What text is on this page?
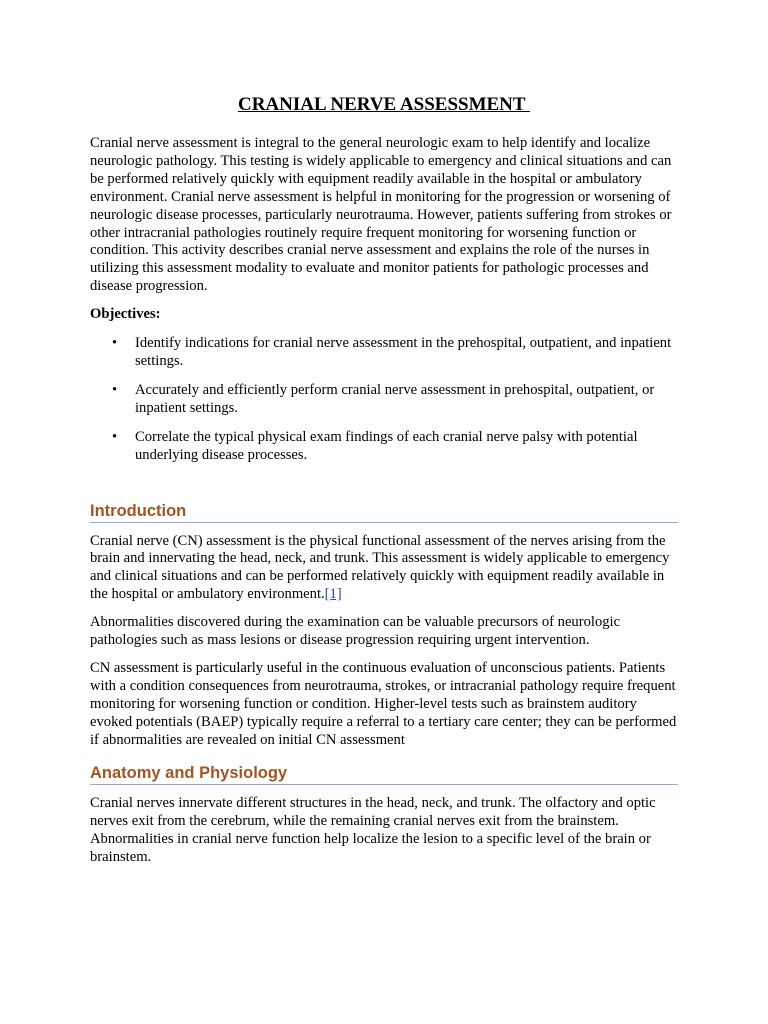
CRANIAL NERVE ASSESSMENT

Cranial nerve assessment is integral to the general neurologic exam to help identify and localize neurologic pathology. This testing is widely applicable to emergency and clinical situations and can be performed relatively quickly with equipment readily available in the hospital or ambulatory environment. Cranial nerve assessment is helpful in monitoring for the progression or worsening of neurologic disease processes, particularly neurotrauma. However, patients suffering from strokes or other intracranial pathologies routinely require frequent monitoring for worsening function or condition. This activity describes cranial nerve assessment and explains the role of the nurses in utilizing this assessment modality to evaluate and monitor patients for pathologic processes and disease progression.

Objectives:

• Identify indications for cranial nerve assessment in the prehospital, outpatient, and inpatient settings.
• Accurately and efficiently perform cranial nerve assessment in prehospital, outpatient, or inpatient settings.
• Correlate the typical physical exam findings of each cranial nerve palsy with potential underlying disease processes.
Introduction

Cranial nerve (CN) assessment is the physical functional assessment of the nerves arising from the brain and innervating the head, neck, and trunk. This assessment is widely applicable to emergency and clinical situations and can be performed relatively quickly with equipment readily available in the hospital or ambulatory environment.[1]

Abnormalities discovered during the examination can be valuable precursors of neurologic pathologies such as mass lesions or disease progression requiring urgent intervention.

CN assessment is particularly useful in the continuous evaluation of unconscious patients. Patients with a condition consequences from neurotrauma, strokes, or intracranial pathology require frequent monitoring for worsening function or condition. Higher-level tests such as brainstem auditory evoked potentials (BAEP) typically require a referral to a tertiary care center; they can be performed if abnormalities are revealed on initial CN assessment

Anatomy and Physiology

Cranial nerves innervate different structures in the head, neck, and trunk. The olfactory and optic nerves exit from the cerebrum, while the remaining cranial nerves exit from the brainstem. Abnormalities in cranial nerve function help localize the lesion to a specific level of the brain or brainstem.
